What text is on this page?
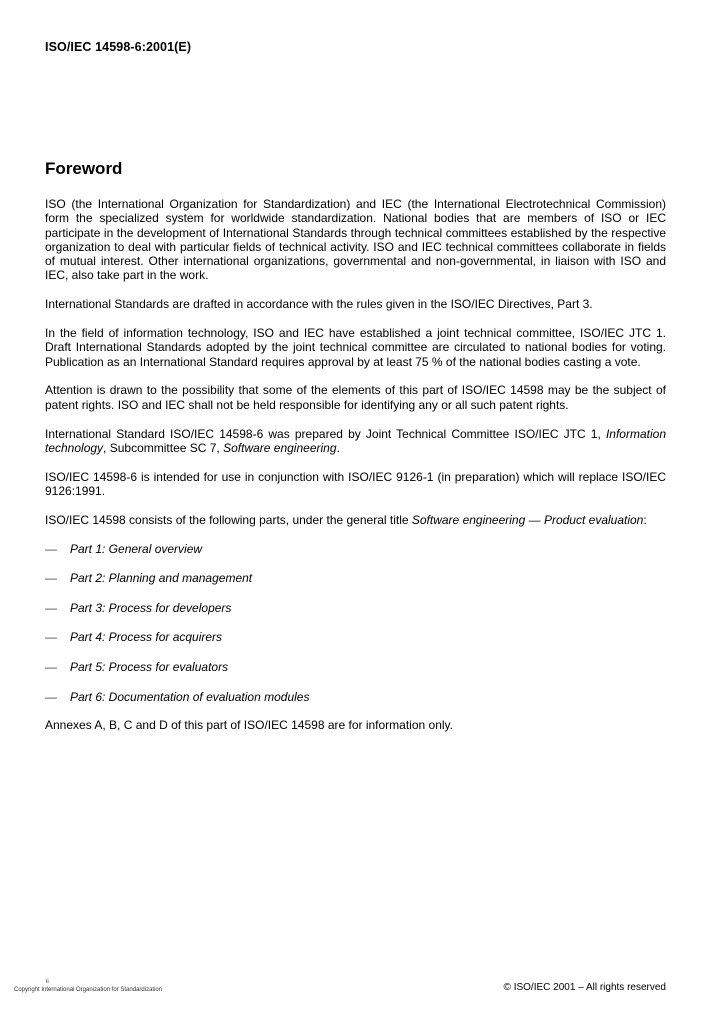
ISO/IEC 14598-6:2001(E)
Foreword

ISO (the International Organization for Standardization) and IEC (the International Electrotechnical Commission) form the specialized system for worldwide standardization. National bodies that are members of ISO or IEC participate in the development of International Standards through technical committees established by the respective organization to deal with particular fields of technical activity. ISO and IEC technical committees collaborate in fields of mutual interest. Other international organizations, governmental and non-governmental, in liaison with ISO and IEC, also take part in the work.

International Standards are drafted in accordance with the rules given in the ISO/IEC Directives, Part 3.

In the field of information technology, ISO and IEC have established a joint technical committee, ISO/IEC JTC 1. Draft International Standards adopted by the joint technical committee are circulated to national bodies for voting. Publication as an International Standard requires approval by at least 75 % of the national bodies casting a vote.

Attention is drawn to the possibility that some of the elements of this part of ISO/IEC 14598 may be the subject of patent rights. ISO and IEC shall not be held responsible for identifying any or all such patent rights.

International Standard ISO/IEC 14598-6 was prepared by Joint Technical Committee ISO/IEC JTC 1, Information technology, Subcommittee SC 7, Software engineering.

ISO/IEC 14598-6 is intended for use in conjunction with ISO/IEC 9126-1 (in preparation) which will replace ISO/IEC 9126:1991.

ISO/IEC 14598 consists of the following parts, under the general title Software engineering — Product evaluation:

— Part 1: General overview
— Part 2: Planning and management
— Part 3: Process for developers
— Part 4: Process for acquirers
— Part 5: Process for evaluators
— Part 6: Documentation of evaluation modules

Annexes A, B, C and D of this part of ISO/IEC 14598 are for information only.

ii
Copyright International Organization for Standardization	© ISO/IEC 2001 – All rights reserved
